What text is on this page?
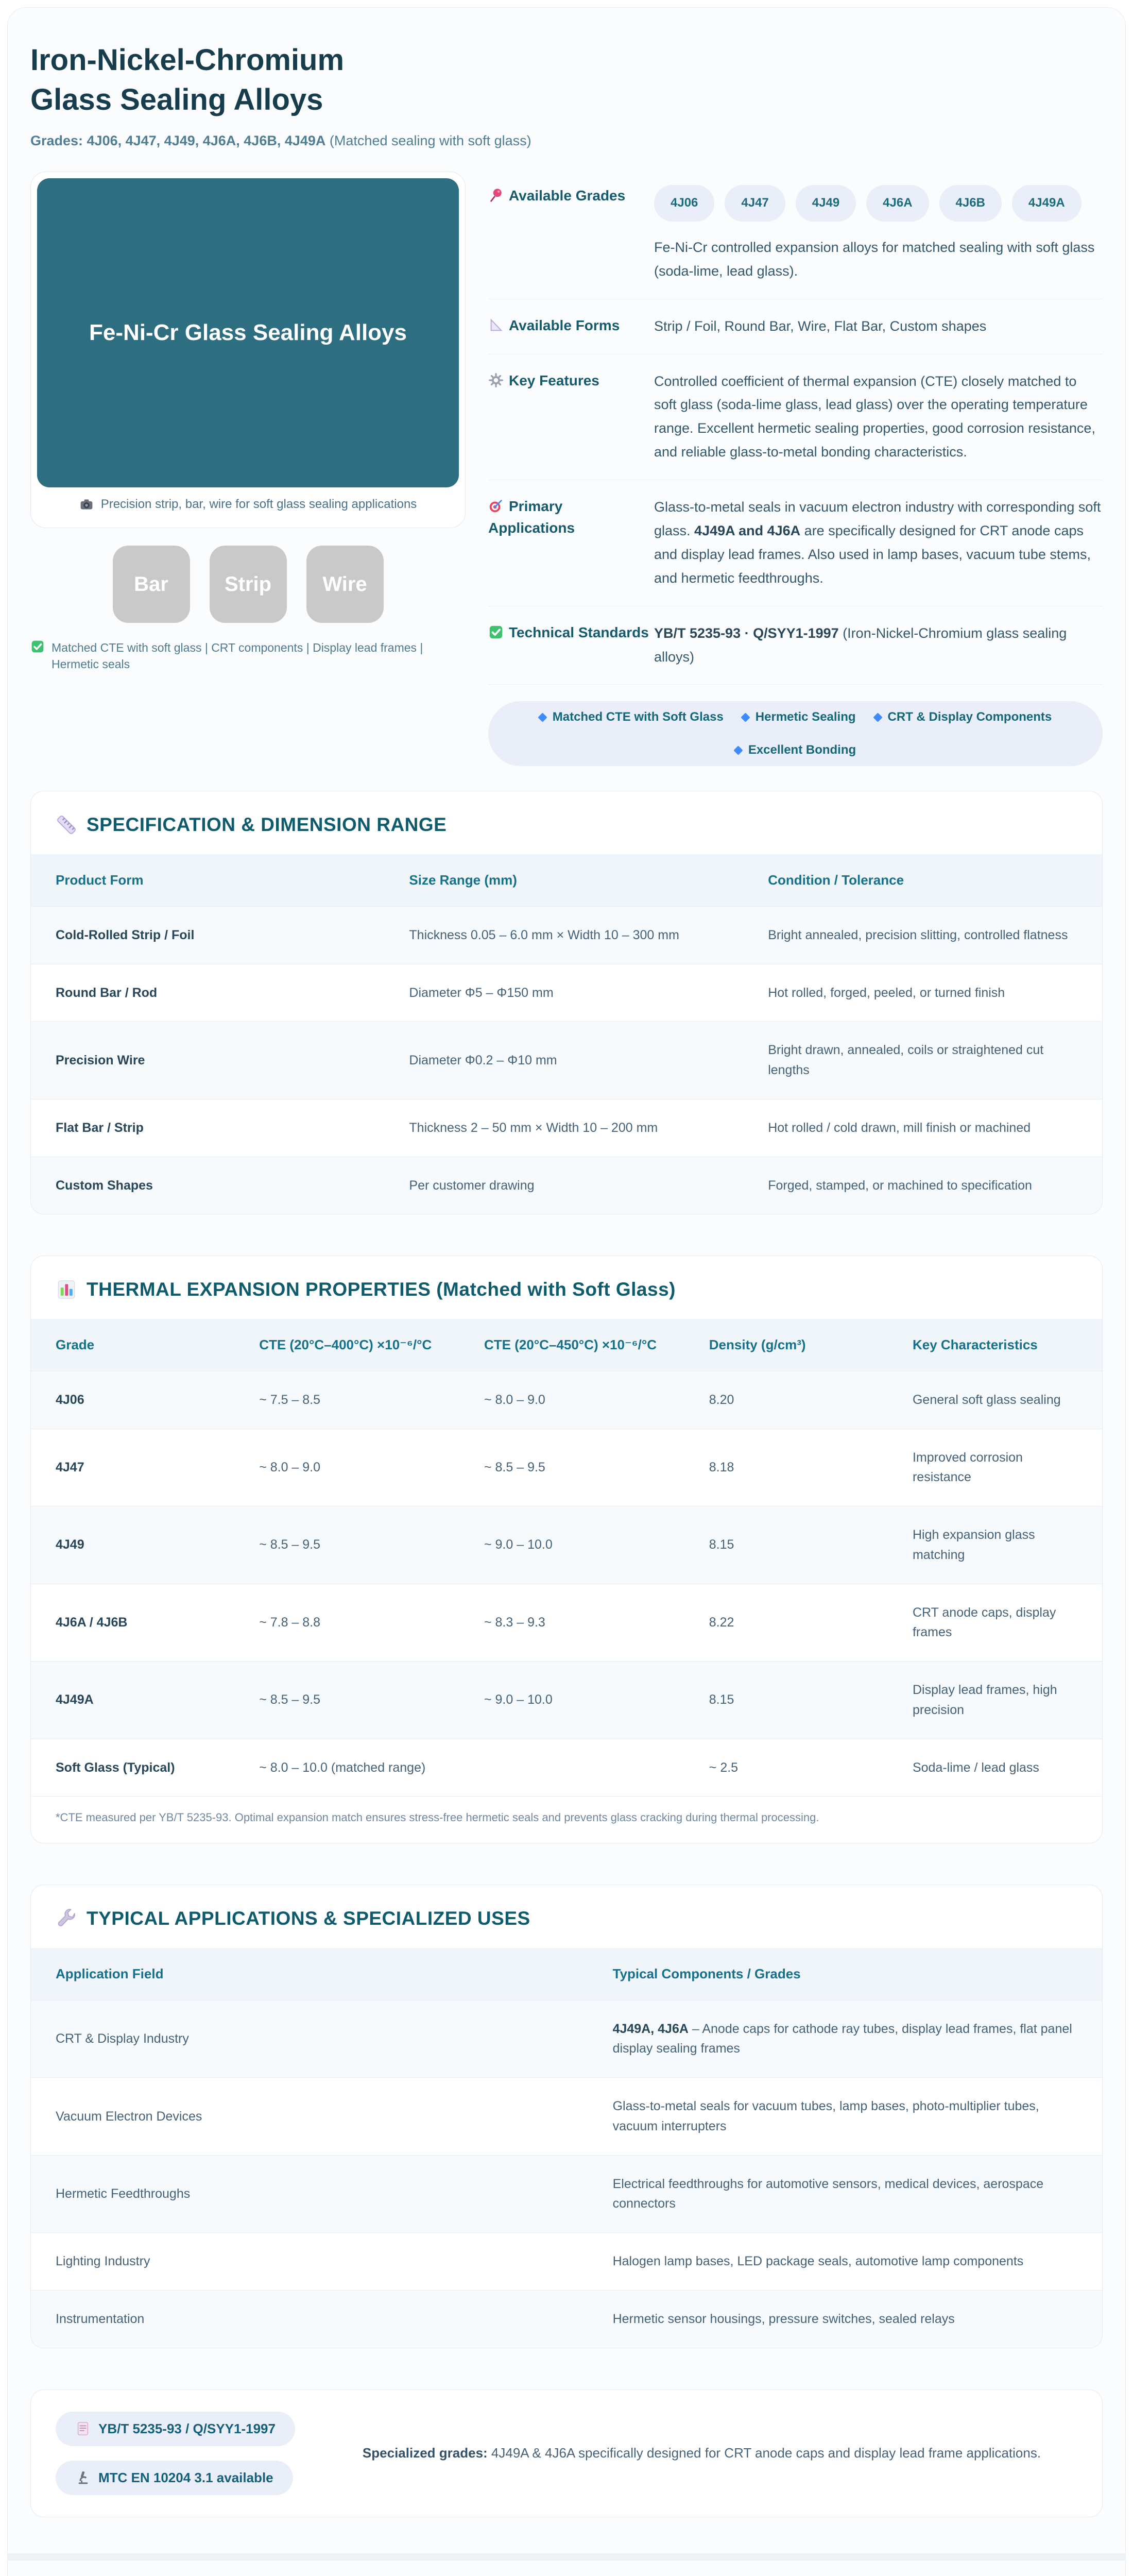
Iron-Nickel-Chromium
Glass Sealing Alloys
Grades: 4J06, 4J47, 4J49, 4J6A, 4J6B, 4J49A (Matched sealing with soft glass)
Fe-Ni-Cr Glass Sealing Alloys
Precision strip, bar, wire for soft glass sealing applications
Bar	Strip	Wire
Matched CTE with soft glass | CRT components | Display lead frames | Hermetic seals
Available Grades	4J06	4J47	4J49	4J6A	4J6B	4J49A
Fe-Ni-Cr controlled expansion alloys for matched sealing with soft glass (soda-lime, lead glass).
Available Forms	Strip / Foil, Round Bar, Wire, Flat Bar, Custom shapes
Key Features	Controlled coefficient of thermal expansion (CTE) closely matched to soft glass (soda-lime glass, lead glass) over the operating temperature range. Excellent hermetic sealing properties, good corrosion resistance, and reliable glass-to-metal bonding characteristics.
Primary Applications
Glass-to-metal seals in vacuum electron industry with corresponding soft glass. 4J49A and 4J6A are specifically designed for CRT anode caps and display lead frames. Also used in lamp bases, vacuum tube stems, and hermetic feedthroughs.
Technical Standards YB/T 5235-93 · Q/SYY1-1997 (Iron-Nickel-Chromium glass sealing alloys)
Matched CTE with Soft Glass	Hermetic Sealing	CRT & Display Components
Excellent Bonding
SPECIFICATION & DIMENSION RANGE
Product Form	Size Range (mm)	Condition / Tolerance
Cold-Rolled Strip / Foil	Thickness 0.05 – 6.0 mm × Width 10 – 300 mm	Bright annealed, precision slitting, controlled flatness
Round Bar / Rod	Diameter Φ5 – Φ150 mm	Hot rolled, forged, peeled, or turned finish
Precision Wire	Diameter Φ0.2 – Φ10 mm	Bright drawn, annealed, coils or straightened cut lengths
Flat Bar / Strip	Thickness 2 – 50 mm × Width 10 – 200 mm	Hot rolled / cold drawn, mill finish or machined
Custom Shapes	Per customer drawing	Forged, stamped, or machined to specification
THERMAL EXPANSION PROPERTIES (Matched with Soft Glass)
Grade	CTE (20°C–400°C) ×10⁻⁶/°C	CTE (20°C–450°C) ×10⁻⁶/°C	Density (g/cm³)	Key Characteristics
4J06	~ 7.5 – 8.5	~ 8.0 – 9.0	8.20	General soft glass sealing
4J47	~ 8.0 – 9.0	~ 8.5 – 9.5	8.18	Improved corrosion resistance
4J49	~ 8.5 – 9.5	~ 9.0 – 10.0	8.15	High expansion glass matching
4J6A / 4J6B	~ 7.8 – 8.8	~ 8.3 – 9.3	8.22	CRT anode caps, display frames
4J49A	~ 8.5 – 9.5	~ 9.0 – 10.0	8.15	Display lead frames, high precision
Soft Glass (Typical)	~ 8.0 – 10.0 (matched range)		~ 2.5	Soda-lime / lead glass
*CTE measured per YB/T 5235-93. Optimal expansion match ensures stress-free hermetic seals and prevents glass cracking during thermal processing.
TYPICAL APPLICATIONS & SPECIALIZED USES
Application Field	Typical Components / Grades
CRT & Display Industry	4J49A, 4J6A – Anode caps for cathode ray tubes, display lead frames, flat panel display sealing frames
Vacuum Electron Devices	Glass-to-metal seals for vacuum tubes, lamp bases, photo-multiplier tubes, vacuum interrupters
Hermetic Feedthroughs	Electrical feedthroughs for automotive sensors, medical devices, aerospace connectors
Lighting Industry	Halogen lamp bases, LED package seals, automotive lamp components
Instrumentation	Hermetic sensor housings, pressure switches, sealed relays
YB/T 5235-93 / Q/SYY1-1997
MTC EN 10204 3.1 available
Specialized grades: 4J49A & 4J6A specifically designed for CRT anode caps and display lead frame applications.
